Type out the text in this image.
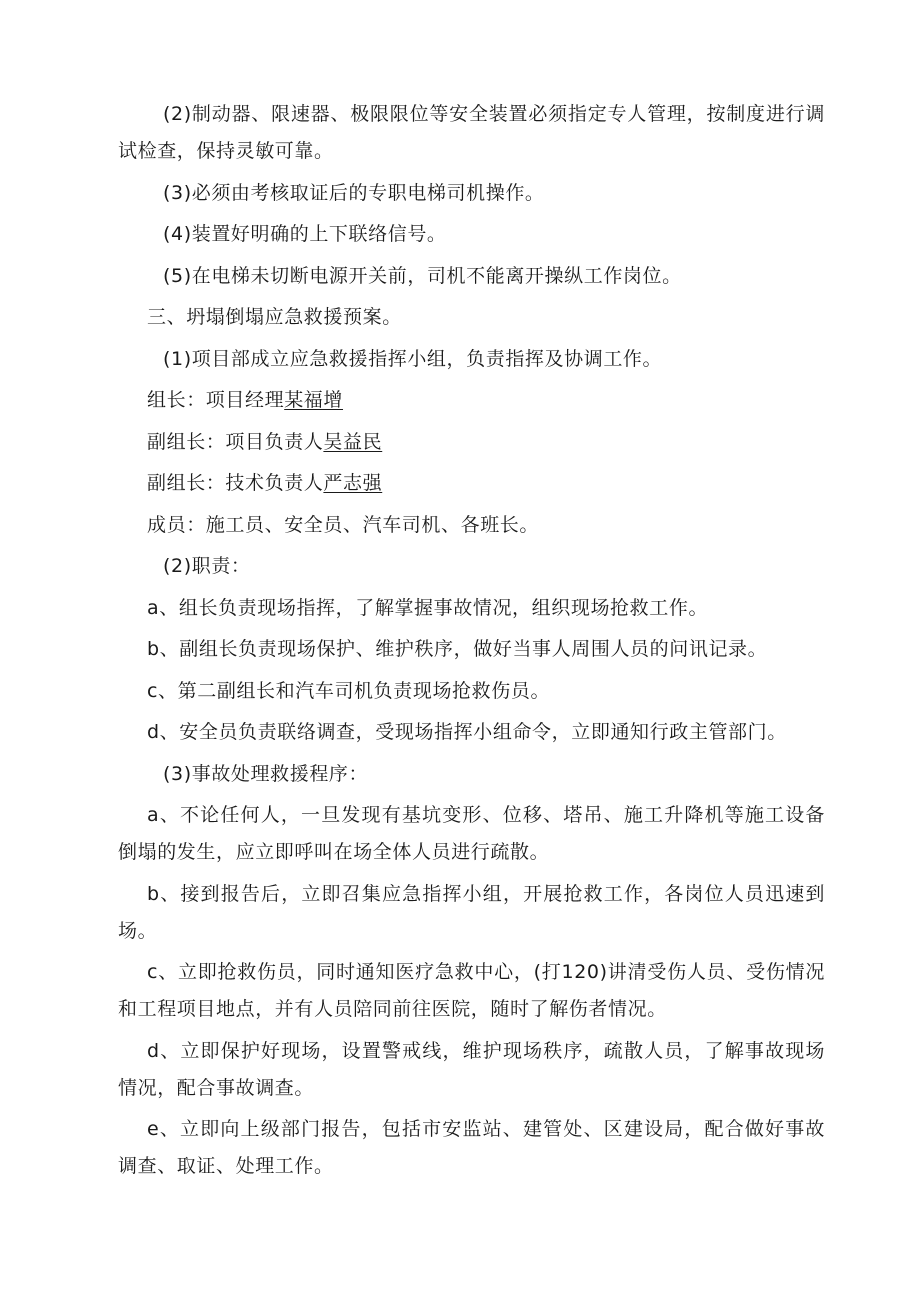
(2)制动器、限速器、极限限位等安全装置必须指定专人管理，按制度进行调试检查，保持灵敏可靠。

(3)必须由考核取证后的专职电梯司机操作。

(4)装置好明确的上下联络信号。

(5)在电梯未切断电源开关前，司机不能离开操纵工作岗位。

三、坍塌倒塌应急救援预案。

(1)项目部成立应急救援指挥小组，负责指挥及协调工作。

组长：项目经理某福增

副组长：项目负责人吴益民

副组长：技术负责人严志强

成员：施工员、安全员、汽车司机、各班长。

(2)职责：

a、组长负责现场指挥，了解掌握事故情况，组织现场抢救工作。

b、副组长负责现场保护、维护秩序，做好当事人周围人员的问讯记录。

c、第二副组长和汽车司机负责现场抢救伤员。

d、安全员负责联络调查，受现场指挥小组命令，立即通知行政主管部门。

(3)事故处理救援程序：

a、不论任何人，一旦发现有基坑变形、位移、塔吊、施工升降机等施工设备倒塌的发生，应立即呼叫在场全体人员进行疏散。

b、接到报告后，立即召集应急指挥小组，开展抢救工作，各岗位人员迅速到场。

c、立即抢救伤员，同时通知医疗急救中心，(打120)讲清受伤人员、受伤情况和工程项目地点，并有人员陪同前往医院，随时了解伤者情况。

d、立即保护好现场，设置警戒线，维护现场秩序，疏散人员，了解事故现场情况，配合事故调查。

e、立即向上级部门报告，包括市安监站、建管处、区建设局，配合做好事故调查、取证、处理工作。
